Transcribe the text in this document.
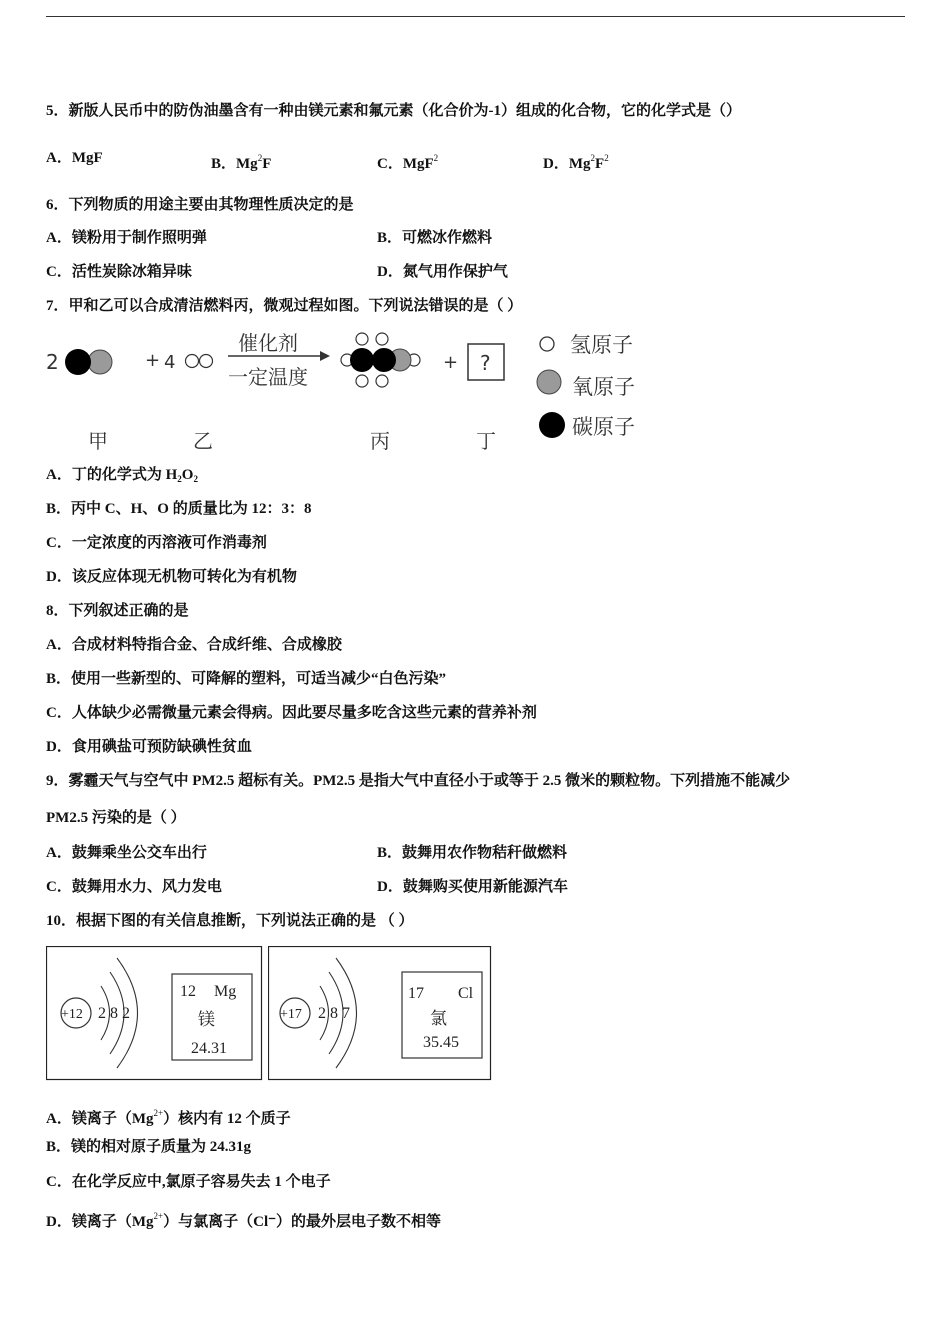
5．新版人民币中的防伪油墨含有一种由镁元素和氟元素（化合价为-1）组成的化合物，它的化学式是（）
A．MgF	B．Mg$^2$F	C．MgF$^2$	D．$Mg^2F^2$
6．下列物质的用途主要由其物理性质决定的是
A．镁粉用于制作照明弹	B．可燃冰作燃料
C．活性炭除冰箱异味	D．氮气用作保护气
7．甲和乙可以合成清洁燃料丙，微观过程如图。下列说法错误的是（ ）
2	+ 4
催化剂
一定温度
+ ?
甲	乙	丙	丁
氢原子
氧原子
碳原子
A．丁的化学式为 $H_2O_2$
B．丙中 C、H、O 的质量比为 12：3：8
C．一定浓度的丙溶液可作消毒剂
D．该反应体现无机物可转化为有机物
8．下列叙述正确的是
A．合成材料特指合金、合成纤维、合成橡胶
B．使用一些新型的、可降解的塑料，可适当减少“白色污染”
C．人体缺少必需微量元素会得病。因此要尽量多吃含这些元素的营养补剂
D．食用碘盐可预防缺碘性贫血
9．雾霾天气与空气中 PM2.5 超标有关。PM2.5 是指大气中直径小于或等于 2.5 微米的颗粒物。下列措施不能减少
PM2.5 污染的是（ ）
A．鼓舞乘坐公交车出行	B．鼓舞用农作物秸秆做燃料
C．鼓舞用水力、风力发电	D．鼓舞购买使用新能源汽车
10．根据下图的有关信息推断，下列说法正确的是 （ ）
+12 2 8 2
12 Mg
镁
24.31
+17 2 8 7
17 Cl
氯
35.45
A．镁离子$(Mg^{2+})$核内有 12 个质子
B．镁的相对原子质量为 24.31g
C．在化学反应中,氯原子容易失去 1 个电子
D．镁离子$(Mg^{2+})$与氯离子（Cl⁻）的最外层电子数不相等
